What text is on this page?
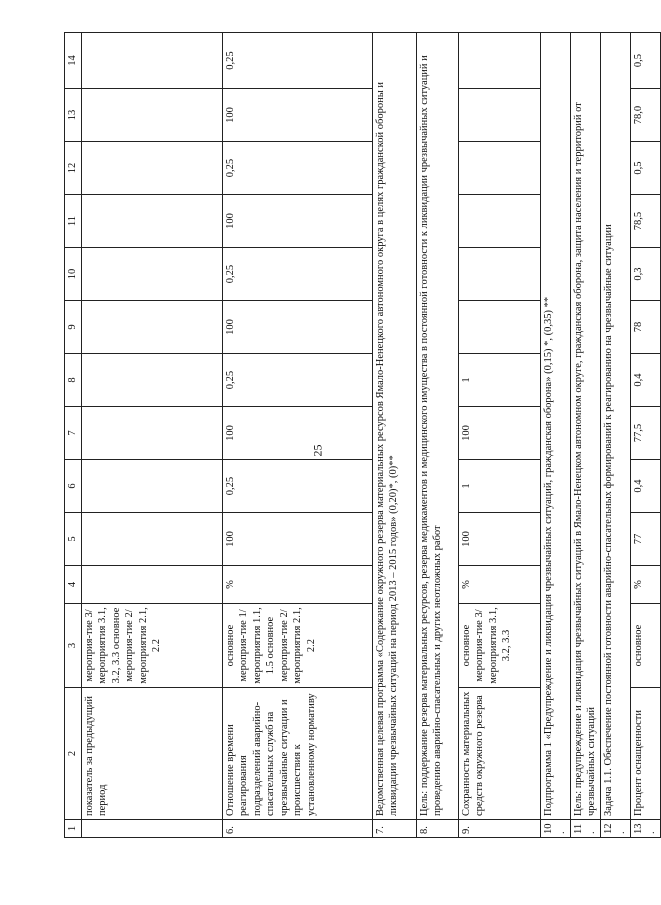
25
1	2	3	4	5	6	7	8	9	10	11	12	13	14
	показатель за предыдущий период	мероприя-тие 3/мероприятия 3.1, 3.2, 3.3 основное мероприя-тие 2/мероприятия 2.1, 2.2											
6.	Отношение времени реагирования подразделений аварийно-спасательных служб на чрезвычайные ситуации и происшествия к установленному нормативу	основное мероприя-тие 1/мероприятия 1.1, 1.5 основное мероприя-тие 2/мероприятия 2.1, 2.2	%	100	0,25	100	0,25	100	0,25	100	0,25	100	0,25
7.	Ведомственная целевая программа «Содержание окружного резерва материальных ресурсов Ямало-Ненецкого автономного округа в целях гражданской обороны и ликвидации чрезвычайных ситуаций на период 2013 – 2015 годов» (0,20)*, (0)**												
8.	Цель: поддержание резерва материальных ресурсов, резерва медикаментов и медицинского имущества в постоянной готовности к ликвидации чрезвычайных ситуаций и проведению аварийно-спасательных и других неотложных работ												
9.	Сохранность материальных средств окружного резерва	основное мероприя-тие 3/мероприятия 3.1, 3.2, 3.3	%	100	1	100	1						
10.	Подпрограмма 1 «Предупреждение и ликвидация чрезвычайных ситуаций, гражданская оборона» (0,15) *, (0,35) **												
11.	Цель: предупреждение и ликвидация чрезвычайных ситуаций в Ямало-Ненецком автономном округе, гражданская оборона, защита населения и территорий от чрезвычайных ситуаций												
12.	Задача 1.1. Обеспечение постоянной готовности аварийно-спасательных формирований к реагированию на чрезвычайные ситуации												
13.	Процент оснащенности	основное	%	77	0,4	77,5	0,4	78	0,3	78,5	0,5	78,0	0,5
